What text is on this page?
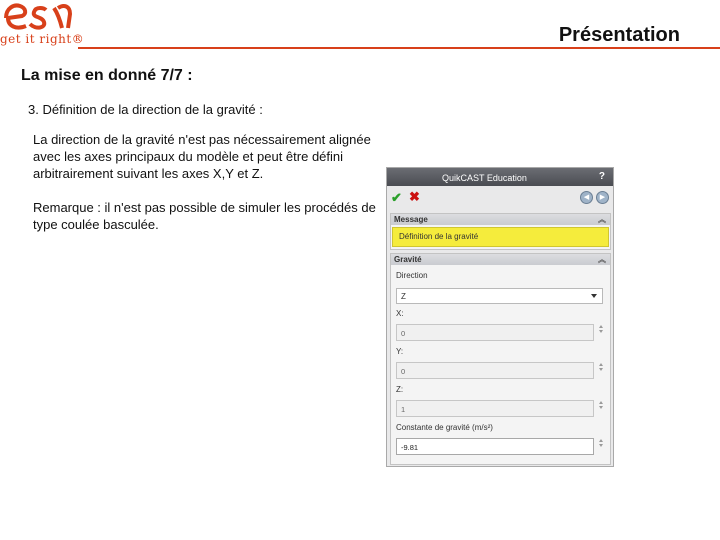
get it right®	Présentation
La mise en donné 7/7 :
3. Définition de la direction de la gravité :
La direction de la gravité n'est pas nécessairement alignée avec les axes principaux du modèle et peut être défini arbitrairement suivant les axes X,Y et Z.
Remarque : il n'est pas possible de simuler les procédés de type coulée basculée.
QuikCAST Education	?
✔ ✖	◀	▶
Message	︽
Définition de la gravité
Gravité	︽
Direction
Z
X:
0
Y:
0
Z:
1
Constante de gravité (m/s²)
-9.81
